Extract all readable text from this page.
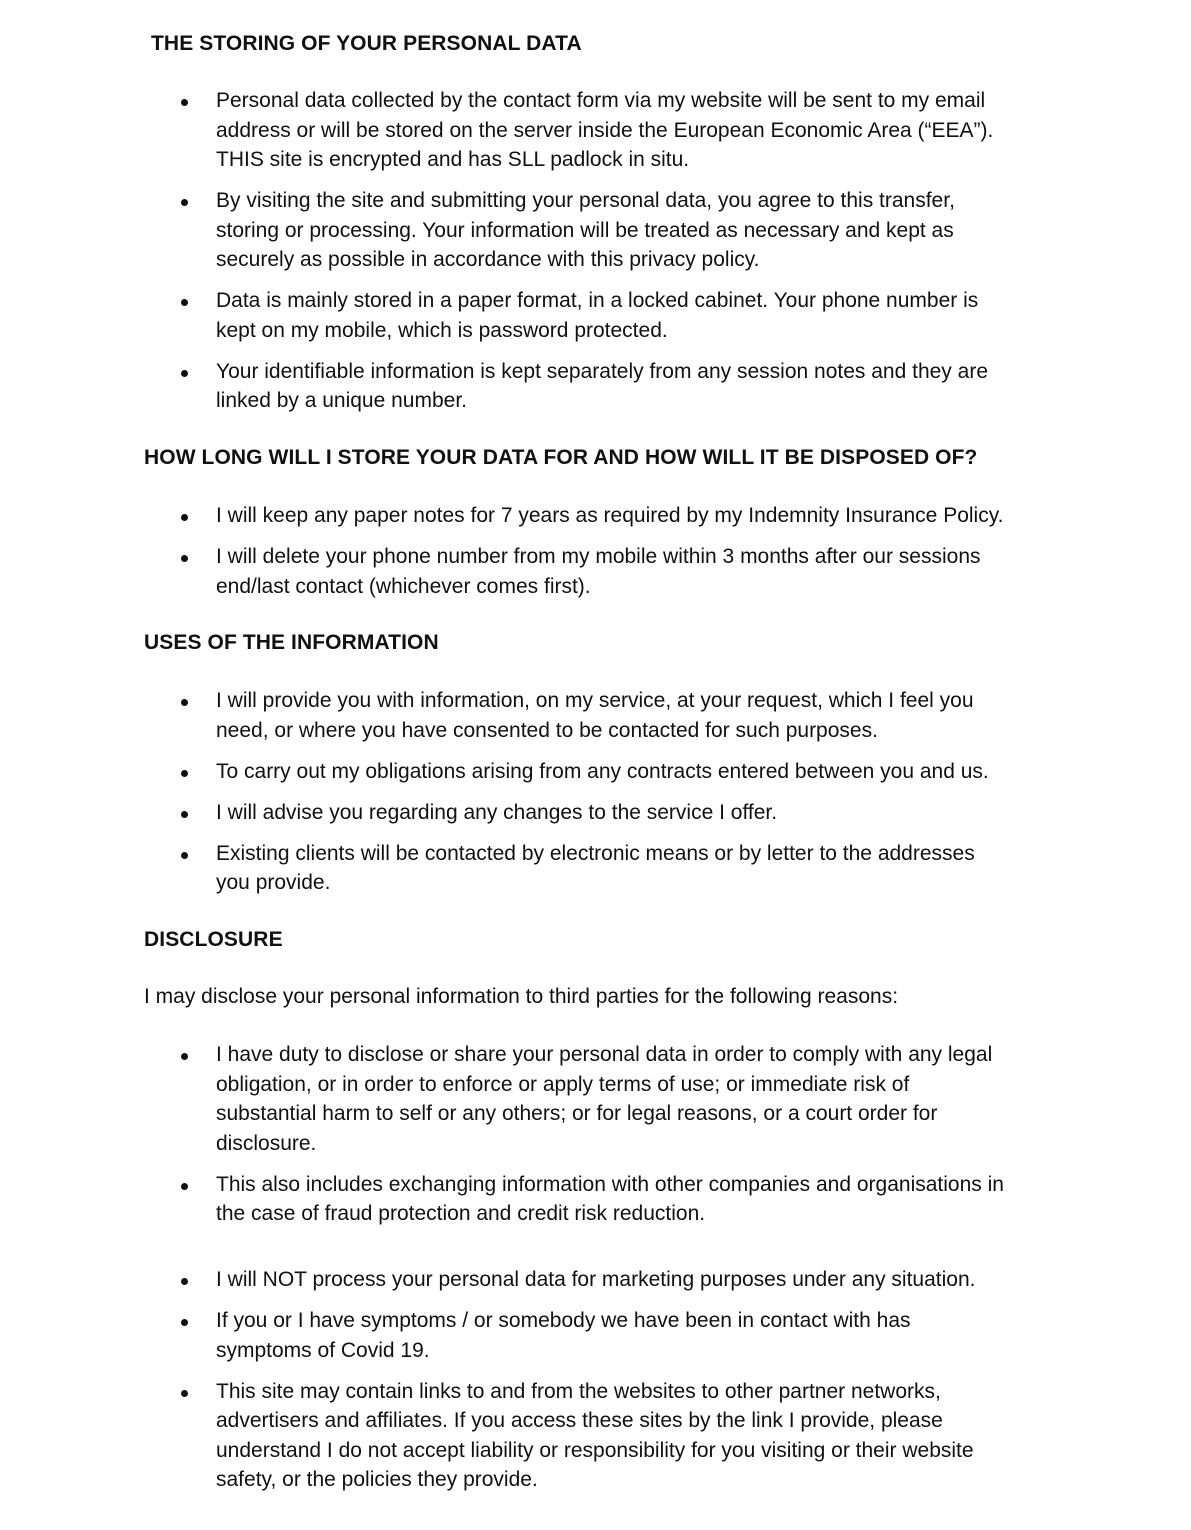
THE STORING OF YOUR PERSONAL DATA
Personal data collected by the contact form via my website will be sent to my email
address or will be stored on the server inside the European Economic Area (“EEA”).
THIS site is encrypted and has SLL padlock in situ.
By visiting the site and submitting your personal data, you agree to this transfer,
storing or processing. Your information will be treated as necessary and kept as
securely as possible in accordance with this privacy policy.
Data is mainly stored in a paper format, in a locked cabinet. Your phone number is
kept on my mobile, which is password protected.
Your identifiable information is kept separately from any session notes and they are
linked by a unique number.
HOW LONG WILL I STORE YOUR DATA FOR AND HOW WILL IT BE DISPOSED OF?
I will keep any paper notes for 7 years as required by my Indemnity Insurance Policy.
I will delete your phone number from my mobile within 3 months after our sessions
end/last contact (whichever comes first).
USES OF THE INFORMATION
I will provide you with information, on my service, at your request, which I feel you
need, or where you have consented to be contacted for such purposes.
To carry out my obligations arising from any contracts entered between you and us.
I will advise you regarding any changes to the service I offer.
Existing clients will be contacted by electronic means or by letter to the addresses
you provide.
DISCLOSURE

I may disclose your personal information to third parties for the following reasons:

I have duty to disclose or share your personal data in order to comply with any legal
obligation, or in order to enforce or apply terms of use; or immediate risk of
substantial harm to self or any others; or for legal reasons, or a court order for
disclosure.
This also includes exchanging information with other companies and organisations in
the case of fraud protection and credit risk reduction.
I will NOT process your personal data for marketing purposes under any situation.
If you or I have symptoms / or somebody we have been in contact with has
symptoms of Covid 19.
This site may contain links to and from the websites to other partner networks,
advertisers and affiliates. If you access these sites by the link I provide, please
understand I do not accept liability or responsibility for you visiting or their website
safety, or the policies they provide.
